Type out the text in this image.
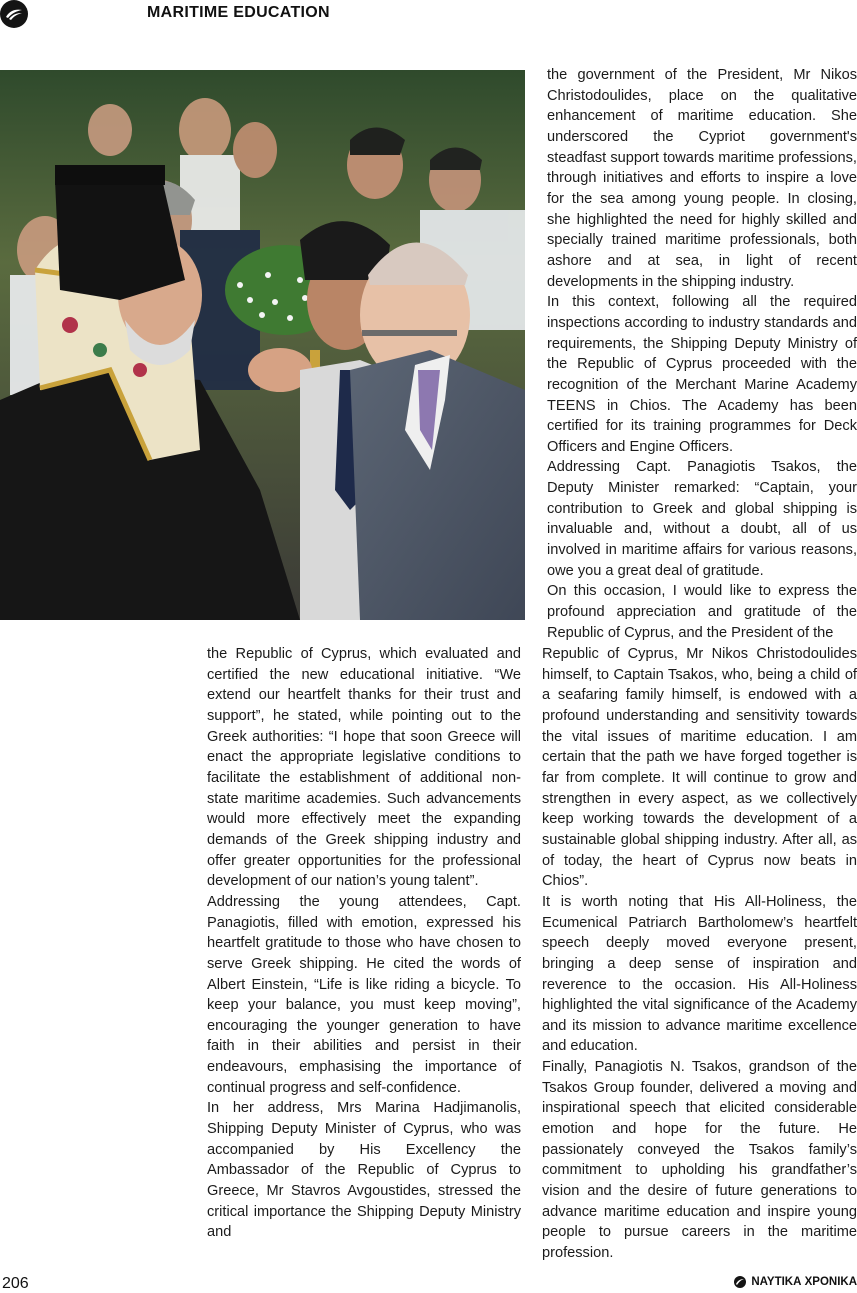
MARITIME EDUCATION

the government of the President, Mr Nikos Christodoulides, place on the qualitative enhancement of maritime education. She underscored the Cypriot government's steadfast support towards maritime professions, through initiatives and efforts to inspire a love for the sea among young people. In closing, she highlighted the need for highly skilled and specially trained maritime professionals, both ashore and at sea, in light of recent developments in the shipping industry.

In this context, following all the required inspections according to industry standards and requirements, the Shipping Deputy Ministry of the Republic of Cyprus proceeded with the recognition of the Merchant Marine Academy TEENS in Chios. The Academy has been certified for its training programmes for Deck Officers and Engine Officers.

Addressing Capt. Panagiotis Tsakos, the Deputy Minister remarked: “Captain, your contribution to Greek and global shipping is invaluable and, without a doubt, all of us involved in maritime affairs for various reasons, owe you a great deal of gratitude.

On this occasion, I would like to express the profound appreciation and gratitude of the Republic of Cyprus, and the President of the

the Republic of Cyprus, which evaluated and certified the new educational initiative. “We extend our heartfelt thanks for their trust and support”, he stated, while pointing out to the Greek authorities: “I hope that soon Greece will enact the appropriate legislative conditions to facilitate the establishment of additional non-state maritime academies. Such advancements would more effectively meet the expanding demands of the Greek shipping industry and offer greater opportunities for the professional development of our nation’s young talent”.

Addressing the young attendees, Capt. Panagiotis, filled with emotion, expressed his heartfelt gratitude to those who have chosen to serve Greek shipping. He cited the words of Albert Einstein, “Life is like riding a bicycle. To keep your balance, you must keep moving”, encouraging the younger generation to have faith in their abilities and persist in their endeavours, emphasising the importance of continual progress and self-confidence.

In her address, Mrs Marina Hadjimanolis, Shipping Deputy Minister of Cyprus, who was accompanied by His Excellency the Ambassador of the Republic of Cyprus to Greece, Mr Stavros Avgoustides, stressed the critical importance the Shipping Deputy Ministry and

Republic of Cyprus, Mr Nikos Christodoulides himself, to Captain Tsakos, who, being a child of a seafaring family himself, is endowed with a profound understanding and sensitivity towards the vital issues of maritime education. I am certain that the path we have forged together is far from complete. It will continue to grow and strengthen in every aspect, as we collectively keep working towards the development of a sustainable global shipping industry. After all, as of today, the heart of Cyprus now beats in Chios”.

It is worth noting that His All-Holiness, the Ecumenical Patriarch Bartholomew’s heartfelt speech deeply moved everyone present, bringing a deep sense of inspiration and reverence to the occasion. His All-Holiness highlighted the vital significance of the Academy and its mission to advance maritime excellence and education.

Finally, Panagiotis N. Tsakos, grandson of the Tsakos Group founder, delivered a moving and inspirational speech that elicited considerable emotion and hope for the future. He passionately conveyed the Tsakos family’s commitment to upholding his grandfather’s vision and the desire of future generations to advance maritime education and inspire young people to pursue careers in the maritime profession.

206	ΝΑΥΤΙΚΑ ΧΡΟΝΙΚΑ
